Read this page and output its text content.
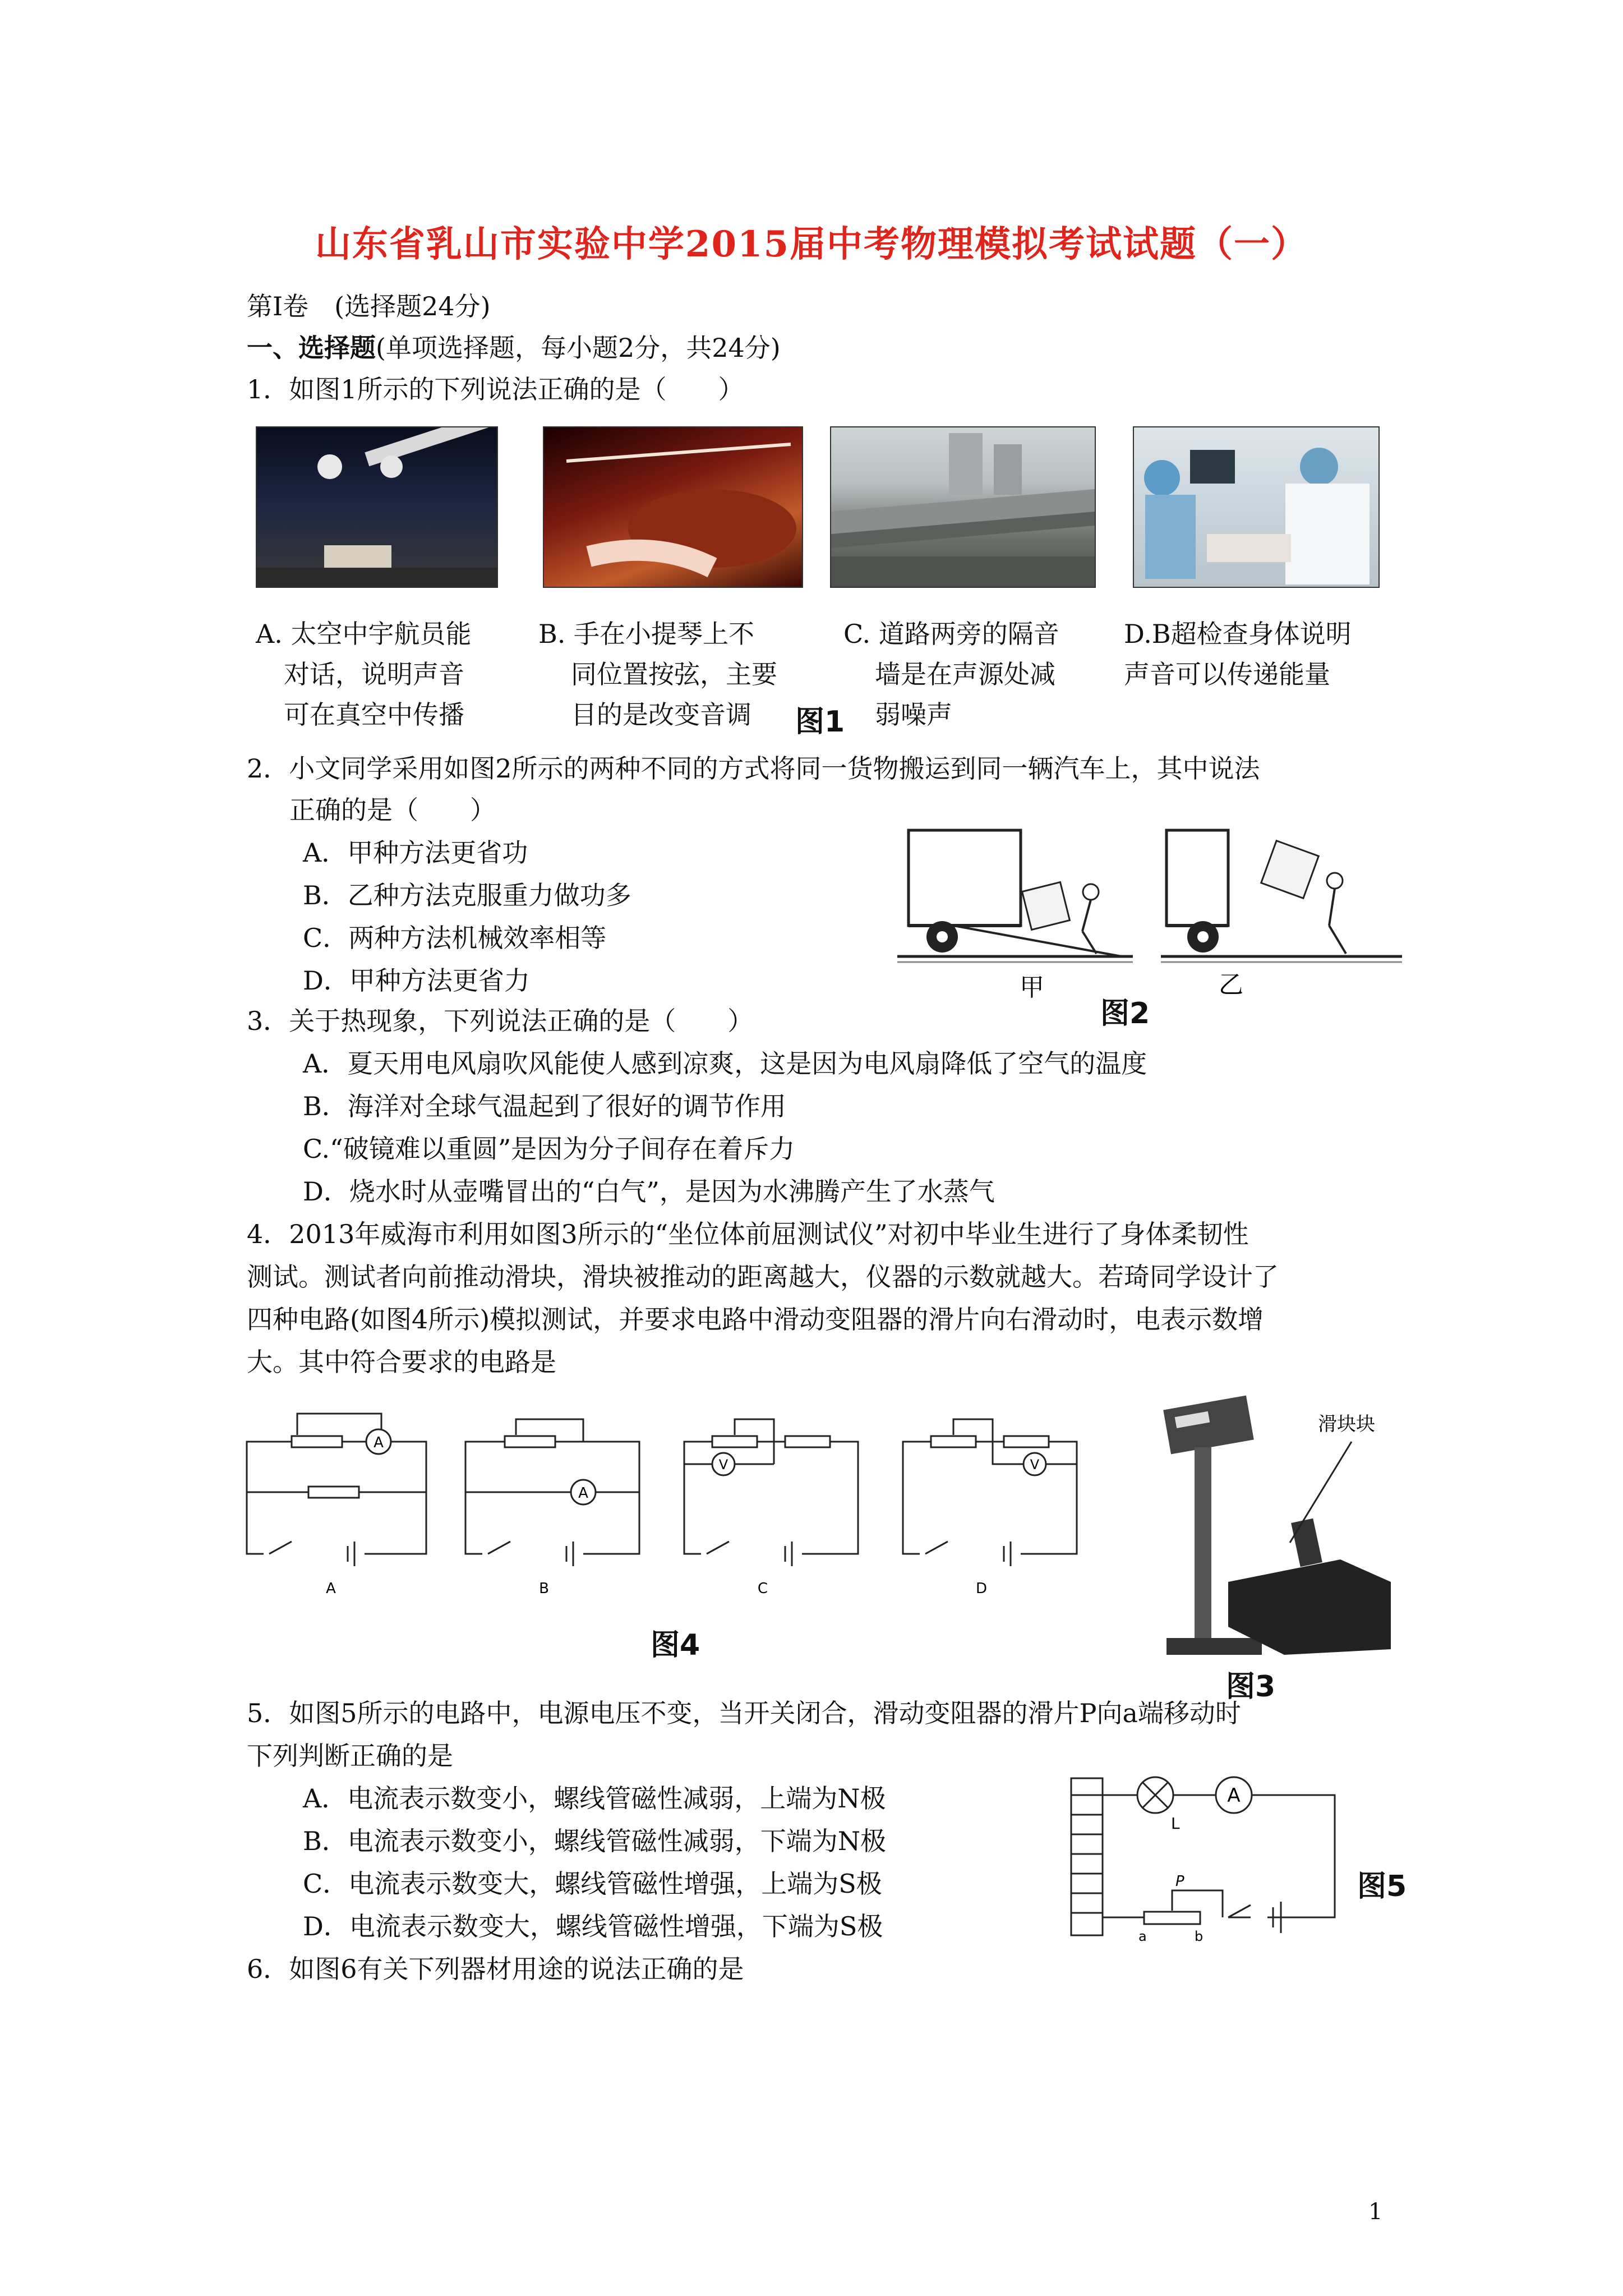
山东省乳山市实验中学2015届中考物理模拟考试试题（一）
第Ⅰ卷　(选择题24分)
一、选择题(单项选择题，每小题2分，共24分)
1．如图1所示的下列说法正确的是（　　）
A. 太空中宇航员能
对话，说明声音
可在真空中传播
B. 手在小提琴上不
同位置按弦，主要
目的是改变音调	图1
C. 道路两旁的隔音
墙是在声源处减
弱噪声
D.B超检查身体说明
声音可以传递能量
2．小文同学采用如图2所示的两种不同的方式将同一货物搬运到同一辆汽车上，其中说法
正确的是（　　）
A．甲种方法更省功
B．乙种方法克服重力做功多
C．两种方法机械效率相等
D．甲种方法更省力	甲	乙
图2
3．关于热现象，下列说法正确的是（　　）
A．夏天用电风扇吹风能使人感到凉爽，这是因为电风扇降低了空气的温度
B．海洋对全球气温起到了很好的调节作用
C.“破镜难以重圆”是因为分子间存在着斥力
D．烧水时从壶嘴冒出的“白气”，是因为水沸腾产生了水蒸气
4．2013年威海市利用如图3所示的“坐位体前屈测试仪”对初中毕业生进行了身体柔韧性
测试。测试者向前推动滑块，滑块被推动的距离越大，仪器的示数就越大。若琦同学设计了
四种电路(如图4所示)模拟测试，并要求电路中滑动变阻器的滑片向右滑动时，电表示数增
大。其中符合要求的电路是
A
A
A
B
V
C
V
D
图4
滑块块
图3
5．如图5所示的电路中，电源电压不变，当开关闭合，滑动变阻器的滑片P向a端移动时
下列判断正确的是
A．电流表示数变小，螺线管磁性减弱，上端为N极
B．电流表示数变小，螺线管磁性减弱，下端为N极
C．电流表示数变大，螺线管磁性增强，上端为S极
D．电流表示数变大，螺线管磁性增强，下端为S极
L
A
P
a	b
图5
6．如图6有关下列器材用途的说法正确的是
1
